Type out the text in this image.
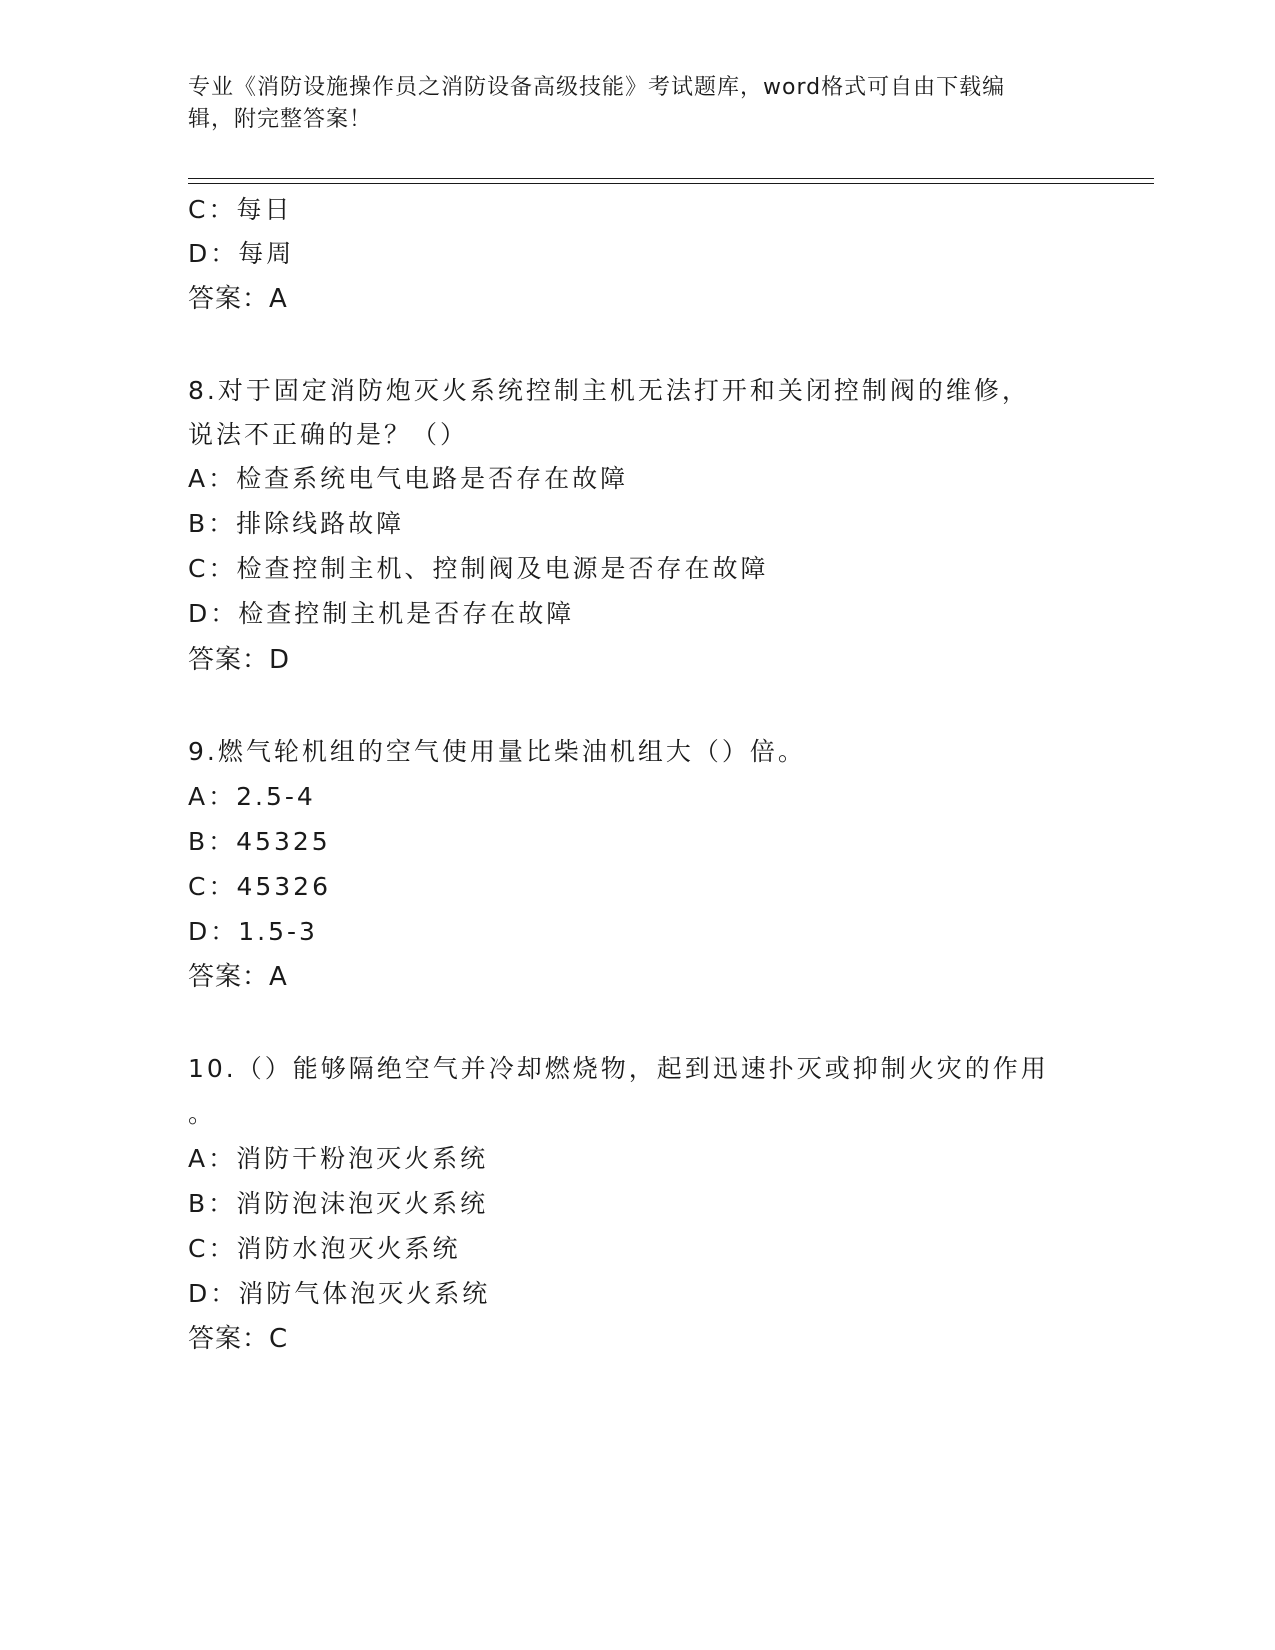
专业《消防设施操作员之消防设备高级技能》考试题库，word格式可自由下载编
辑，附完整答案！
C：每日
D：每周
答案：A
8.对于固定消防炮灭火系统控制主机无法打开和关闭控制阀的维修，
说法不正确的是？（）
A：检查系统电气电路是否存在故障
B：排除线路故障
C：检查控制主机、控制阀及电源是否存在故障
D：检查控制主机是否存在故障
答案：D
9.燃气轮机组的空气使用量比柴油机组大（）倍。
A：2.5-4
B：45325
C：45326
D：1.5-3
答案：A
10.（）能够隔绝空气并冷却燃烧物，起到迅速扑灭或抑制火灾的作用
。
A：消防干粉泡灭火系统
B：消防泡沫泡灭火系统
C：消防水泡灭火系统
D：消防气体泡灭火系统
答案：C
